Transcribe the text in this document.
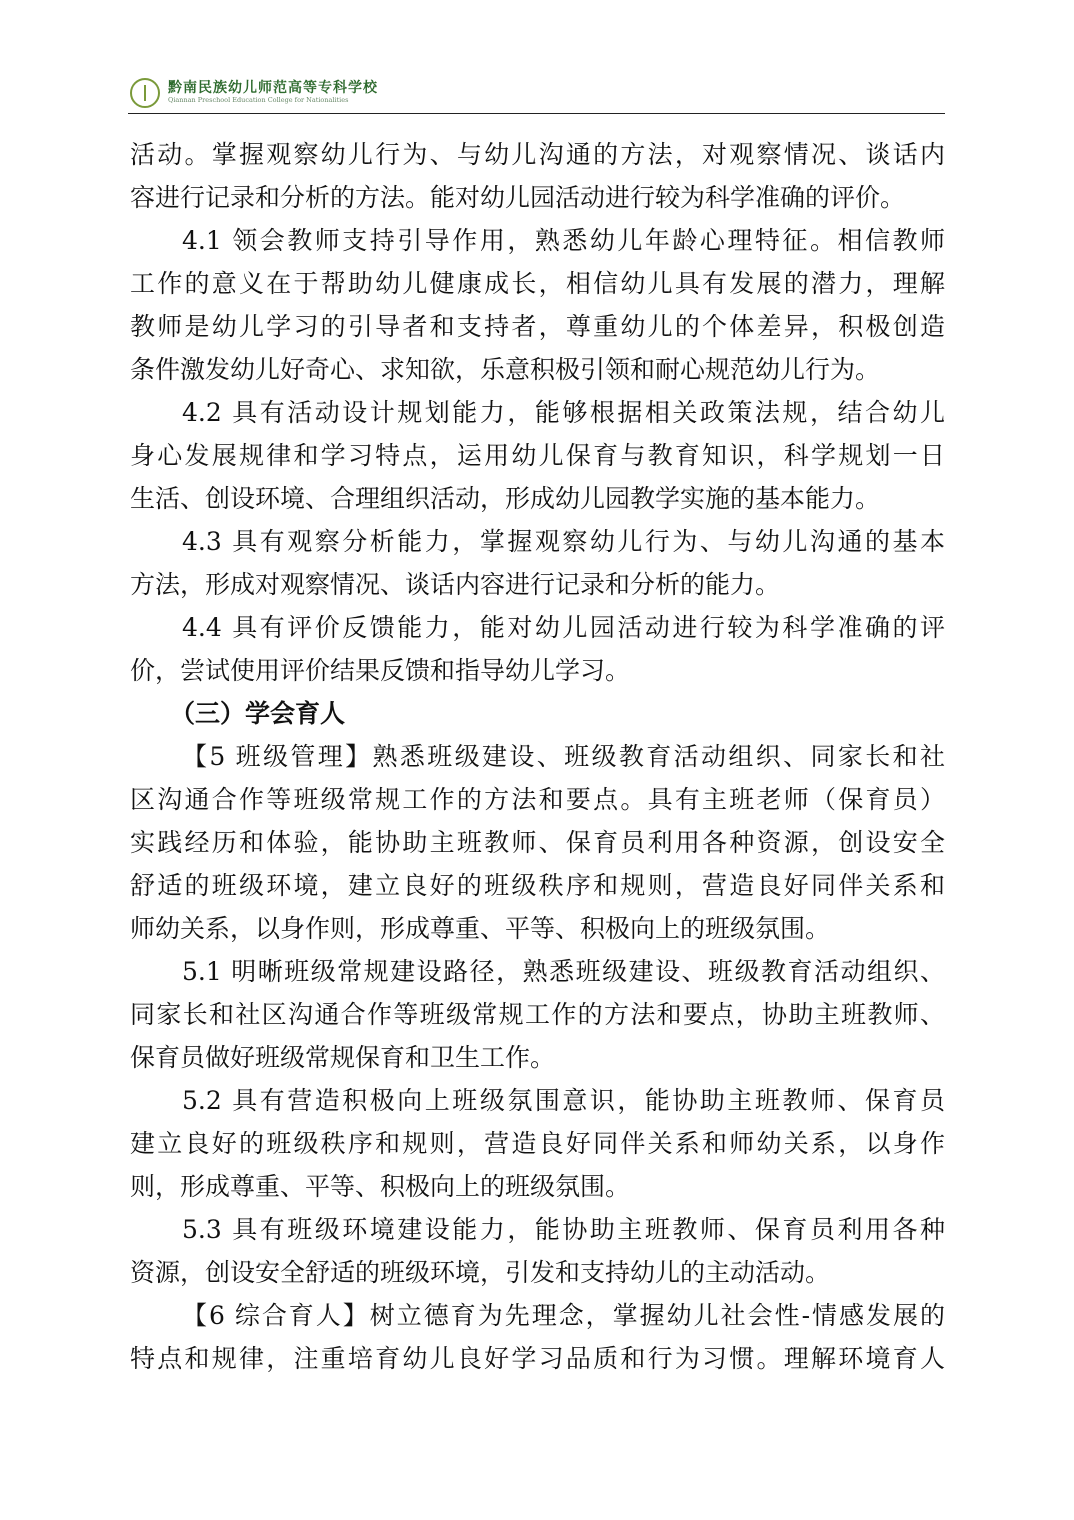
黔南民族幼儿师范高等专科学校
Qiannan Preschool Education College for Nationalities
活动。掌握观察幼儿行为、与幼儿沟通的方法，对观察情况、谈话内
容进行记录和分析的方法。能对幼儿园活动进行较为科学准确的评价。
4.1 领会教师支持引导作用，熟悉幼儿年龄心理特征。相信教师
工作的意义在于帮助幼儿健康成长，相信幼儿具有发展的潜力，理解
教师是幼儿学习的引导者和支持者，尊重幼儿的个体差异，积极创造
条件激发幼儿好奇心、求知欲，乐意积极引领和耐心规范幼儿行为。
4.2 具有活动设计规划能力，能够根据相关政策法规，结合幼儿
身心发展规律和学习特点，运用幼儿保育与教育知识，科学规划一日
生活、创设环境、合理组织活动，形成幼儿园教学实施的基本能力。
4.3 具有观察分析能力，掌握观察幼儿行为、与幼儿沟通的基本
方法，形成对观察情况、谈话内容进行记录和分析的能力。
4.4 具有评价反馈能力，能对幼儿园活动进行较为科学准确的评
价，尝试使用评价结果反馈和指导幼儿学习。
（三）学会育人
【5 班级管理】熟悉班级建设、班级教育活动组织、同家长和社
区沟通合作等班级常规工作的方法和要点。具有主班老师（保育员）
实践经历和体验，能协助主班教师、保育员利用各种资源，创设安全
舒适的班级环境，建立良好的班级秩序和规则，营造良好同伴关系和
师幼关系，以身作则，形成尊重、平等、积极向上的班级氛围。
5.1 明晰班级常规建设路径，熟悉班级建设、班级教育活动组织、
同家长和社区沟通合作等班级常规工作的方法和要点，协助主班教师、
保育员做好班级常规保育和卫生工作。
5.2 具有营造积极向上班级氛围意识，能协助主班教师、保育员
建立良好的班级秩序和规则，营造良好同伴关系和师幼关系，以身作
则，形成尊重、平等、积极向上的班级氛围。
5.3 具有班级环境建设能力，能协助主班教师、保育员利用各种
资源，创设安全舒适的班级环境，引发和支持幼儿的主动活动。
【6 综合育人】树立德育为先理念，掌握幼儿社会性-情感发展的
特点和规律，注重培育幼儿良好学习品质和行为习惯。理解环境育人
